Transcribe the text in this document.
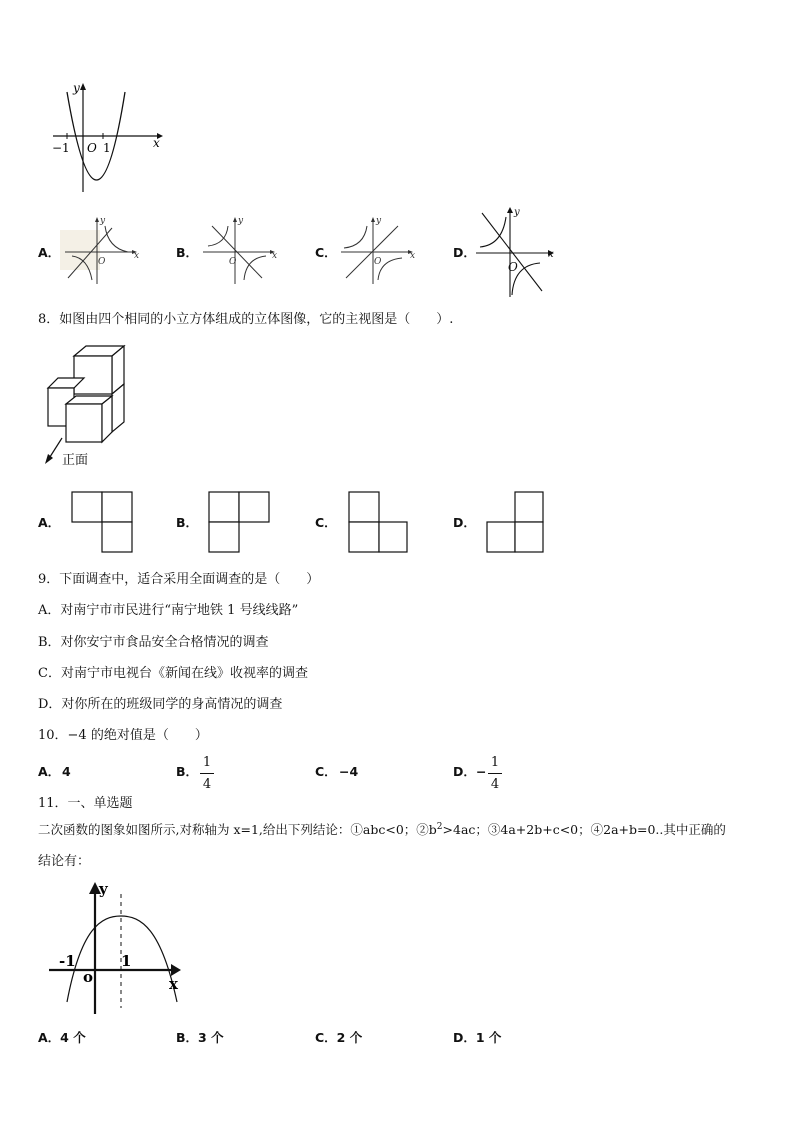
y
x
−1 O 1
A．	x
y
O
B．	x
y
O
C．	x
y
O
D．	x
y
O
8．如图由四个相同的小立方体组成的立体图像，它的主视图是（　　）.
正面
A．	B．	C．	D．
9．下面调查中，适合采用全面调查的是（　　）
A．对南宁市市民进行“南宁地铁 1 号线线路”
B．对你安宁市食品安全合格情况的调查
C．对南宁市电视台《新闻在线》收视率的调查
D．对你所在的班级同学的身高情况的调查
10．−4 的绝对值是（　　）
A． 4	B．
1
4
C． −4	D． −
1
4
11．一、单选题
二次函数的图象如图所示,对称轴为 x=1,给出下列结论：①abc<0；$②b^2>4ac$；③4a+2b+c<0；④2a+b=0..其中正确的
结论有：
y
x
-1
o
1
A．4 个	B．3 个	C．2 个	D．1 个
